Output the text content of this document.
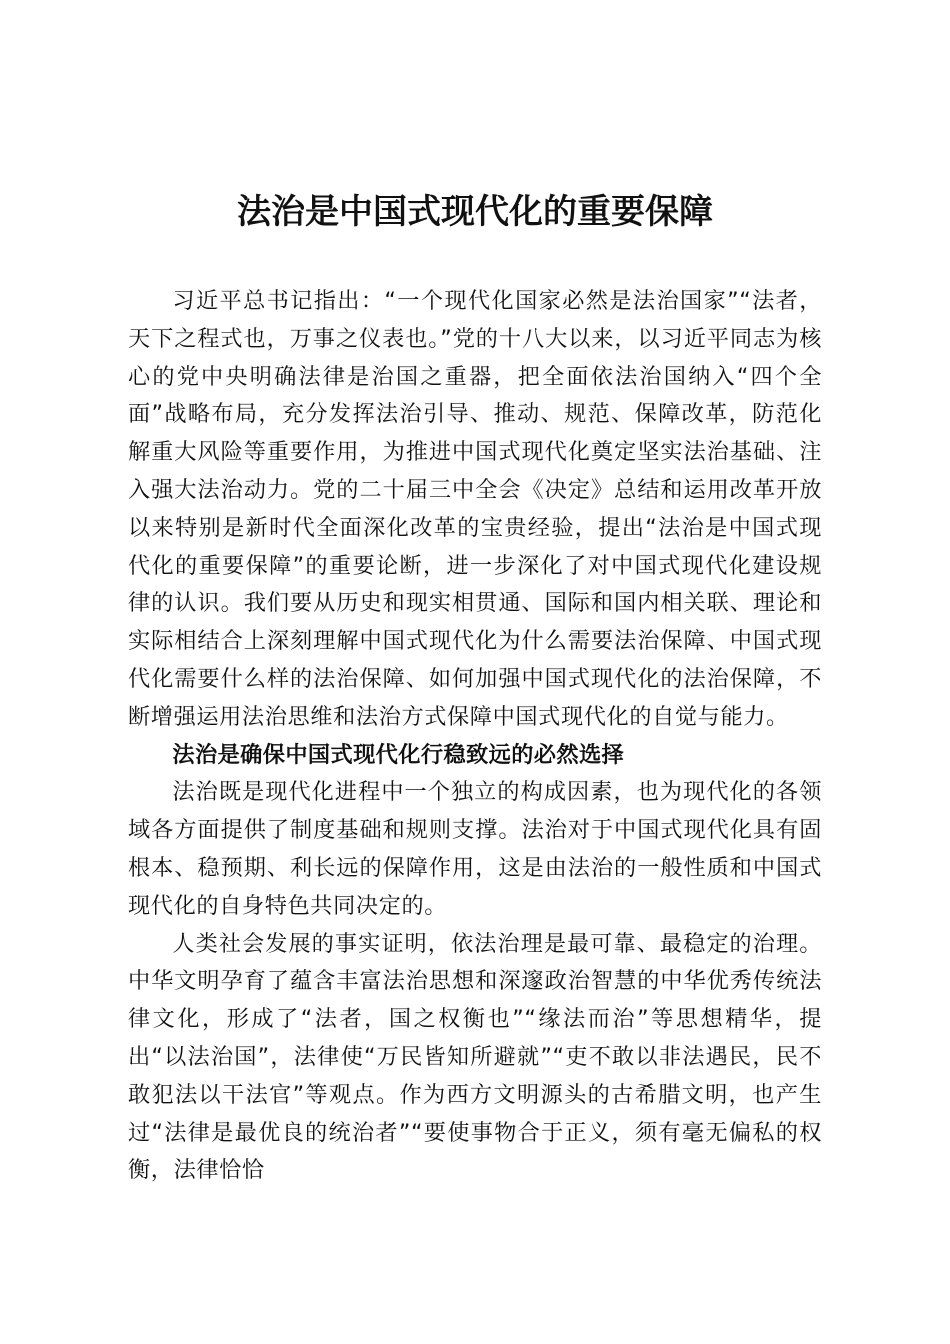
法治是中国式现代化的重要保障

习近平总书记指出：“一个现代化国家必然是法治国家”“法者，天下之程式也，万事之仪表也。”党的十八大以来，以习近平同志为核心的党中央明确法律是治国之重器，把全面依法治国纳入“四个全面”战略布局，充分发挥法治引导、推动、规范、保障改革，防范化解重大风险等重要作用，为推进中国式现代化奠定坚实法治基础、注入强大法治动力。党的二十届三中全会《决定》总结和运用改革开放以来特别是新时代全面深化改革的宝贵经验，提出“法治是中国式现代化的重要保障”的重要论断，进一步深化了对中国式现代化建设规律的认识。我们要从历史和现实相贯通、国际和国内相关联、理论和实际相结合上深刻理解中国式现代化为什么需要法治保障、中国式现代化需要什么样的法治保障、如何加强中国式现代化的法治保障，不断增强运用法治思维和法治方式保障中国式现代化的自觉与能力。

法治是确保中国式现代化行稳致远的必然选择

法治既是现代化进程中一个独立的构成因素，也为现代化的各领域各方面提供了制度基础和规则支撑。法治对于中国式现代化具有固根本、稳预期、利长远的保障作用，这是由法治的一般性质和中国式现代化的自身特色共同决定的。

人类社会发展的事实证明，依法治理是最可靠、最稳定的治理。中华文明孕育了蕴含丰富法治思想和深邃政治智慧的中华优秀传统法律文化，形成了“法者，国之权衡也”“缘法而治”等思想精华，提出“以法治国”，法律使“万民皆知所避就”“吏不敢以非法遇民，民不敢犯法以干法官”等观点。作为西方文明源头的古希腊文明，也产生过“法律是最优良的统治者”“要使事物合于正义，须有毫无偏私的权衡，法律恰恰
